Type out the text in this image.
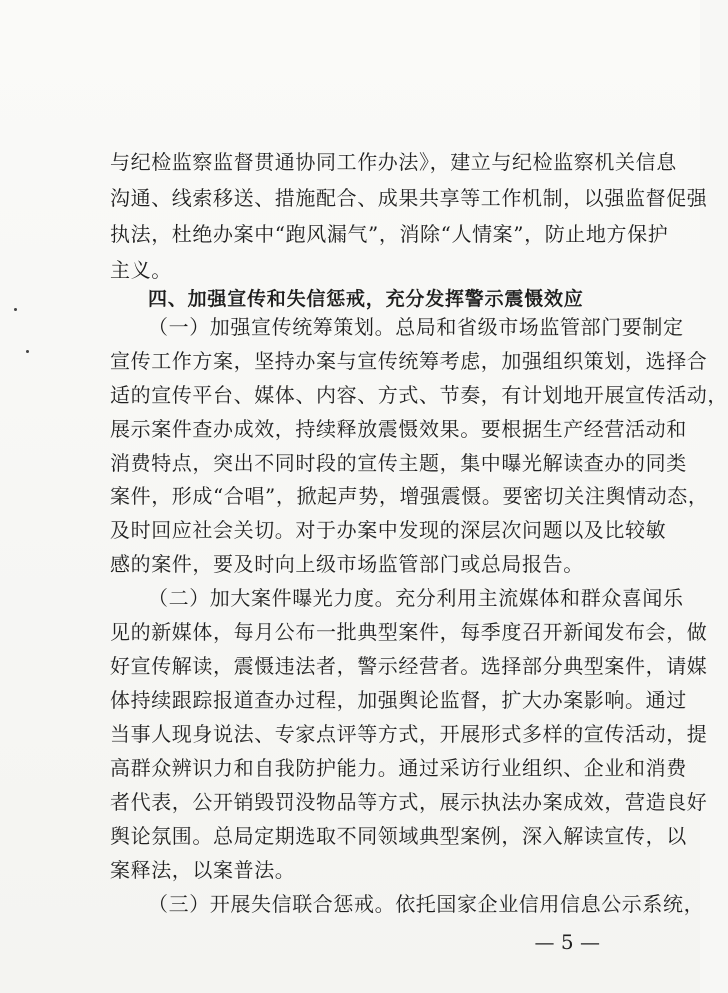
与纪检监察监督贯通协同工作办法》，建立与纪检监察机关信息
沟通、线索移送、措施配合、成果共享等工作机制，以强监督促强
执法，杜绝办案中“跑风漏气”，消除“人情案”，防止地方保护
主义。
四、加强宣传和失信惩戒，充分发挥警示震慑效应
（一）加强宣传统筹策划。总局和省级市场监管部门要制定
宣传工作方案，坚持办案与宣传统筹考虑，加强组织策划，选择合
适的宣传平台、媒体、内容、方式、节奏，有计划地开展宣传活动，
展示案件查办成效，持续释放震慑效果。要根据生产经营活动和
消费特点，突出不同时段的宣传主题，集中曝光解读查办的同类
案件，形成“合唱”，掀起声势，增强震慑。要密切关注舆情动态，
及时回应社会关切。对于办案中发现的深层次问题以及比较敏
感的案件，要及时向上级市场监管部门或总局报告。
（二）加大案件曝光力度。充分利用主流媒体和群众喜闻乐
见的新媒体，每月公布一批典型案件，每季度召开新闻发布会，做
好宣传解读，震慑违法者，警示经营者。选择部分典型案件，请媒
体持续跟踪报道查办过程，加强舆论监督，扩大办案影响。通过
当事人现身说法、专家点评等方式，开展形式多样的宣传活动，提
高群众辨识力和自我防护能力。通过采访行业组织、企业和消费
者代表，公开销毁罚没物品等方式，展示执法办案成效，营造良好
舆论氛围。总局定期选取不同领域典型案例，深入解读宣传，以
案释法，以案普法。
（三）开展失信联合惩戒。依托国家企业信用信息公示系统，
— 5 —
